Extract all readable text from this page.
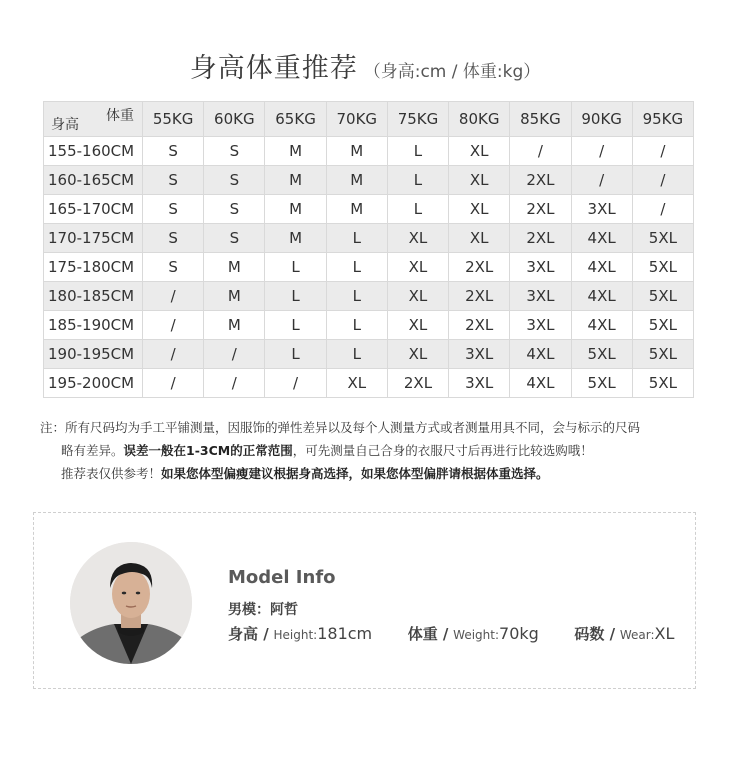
身高体重推荐 （身高:cm / 体重:kg）
体重
身高	55KG	60KG	65KG	70KG	75KG	80KG	85KG	90KG	95KG
155-160CM	S	S	M	M	L	XL	/	/	/
160-165CM	S	S	M	M	L	XL	2XL	/	/
165-170CM	S	S	M	M	L	XL	2XL	3XL	/
170-175CM	S	S	M	L	XL	XL	2XL	4XL	5XL
175-180CM	S	M	L	L	XL	2XL	3XL	4XL	5XL
180-185CM	/	M	L	L	XL	2XL	3XL	4XL	5XL
185-190CM	/	M	L	L	XL	2XL	3XL	4XL	5XL
190-195CM	/	/	L	L	XL	3XL	4XL	5XL	5XL
195-200CM	/	/	/	XL	2XL	3XL	4XL	5XL	5XL
注：所有尺码均为手工平铺测量，因服饰的弹性差异以及每个人测量方式或者测量用具不同，会与标示的尺码
略有差异。误差一般在1-3CM的正常范围，可先测量自己合身的衣服尺寸后再进行比较选购哦！
推荐表仅供参考！如果您体型偏瘦建议根据身高选择，如果您体型偏胖请根据体重选择。
Model Info
男模：阿哲
身高 / Height:181cm 体重 / Weight:70kg 码数 / Wear:XL
